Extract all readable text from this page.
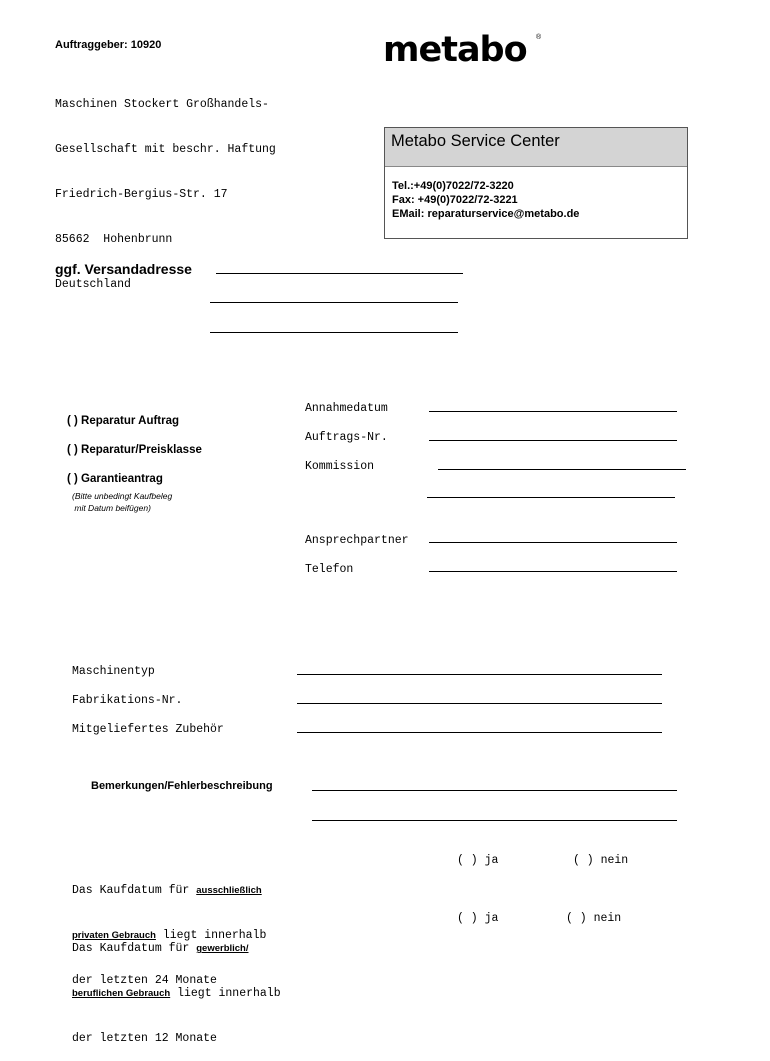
Auftraggeber: 10920

Maschinen Stockert Großhandels-

Gesellschaft mit beschr. Haftung

Friedrich-Bergius-Str. 17

85662  Hohenbrunn

Deutschland

metabo ®
Metabo Service Center
Tel.:+49(0)7022/72-3220
Fax: +49(0)7022/72-3221
EMail: reparaturservice@metabo.de
ggf. Versandadresse
( ) Reparatur Auftrag
( ) Reparatur/Preisklasse
( ) Garantieantrag
(Bitte unbedingt Kaufbeleg
mit Datum beifügen)
Annahmedatum
Auftrags-Nr.
Kommission
Ansprechpartner
Telefon
Maschinentyp
Fabrikations-Nr.
Mitgeliefertes Zubehör
Bemerkungen/Fehlerbeschreibung

Das Kaufdatum für ausschließlich

privaten Gebrauch liegt innerhalb

der letzten 24 Monate

( ) ja	( ) nein

Das Kaufdatum für gewerblich/

beruflichen Gebrauch liegt innerhalb

der letzten 12 Monate

( ) ja	( ) nein
